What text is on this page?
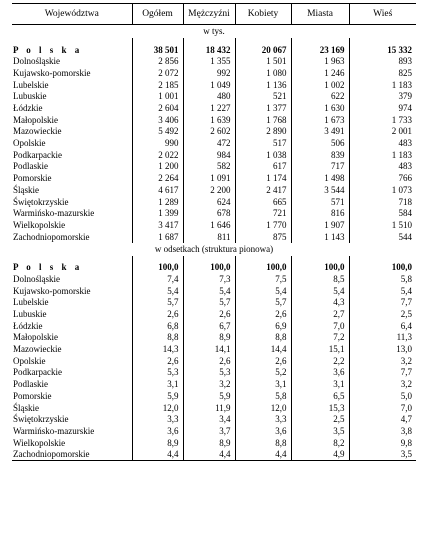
Województwa	Ogółem	Mężczyźni	Kobiety	Miasta	Wieś
w tys.					

P o l s k a	38 501	18 432	20 067	23 169	15 332
Dolnośląskie	2 856	1 355	1 501	1 963	893
Kujawsko-pomorskie	2 072	992	1 080	1 246	825
Lubelskie	2 185	1 049	1 136	1 002	1 183
Lubuskie	1 001	480	521	622	379
Łódzkie	2 604	1 227	1 377	1 630	974
Małopolskie	3 406	1 639	1 768	1 673	1 733
Mazowieckie	5 492	2 602	2 890	3 491	2 001
Opolskie	990	472	517	506	483
Podkarpackie	2 022	984	1 038	839	1 183
Podlaskie	1 200	582	617	717	483
Pomorskie	2 264	1 091	1 174	1 498	766
Śląskie	4 617	2 200	2 417	3 544	1 073
Świętokrzyskie	1 289	624	665	571	718
Warmińsko-mazurskie	1 399	678	721	816	584
Wielkopolskie	3 417	1 646	1 770	1 907	1 510
Zachodniopomorskie	1 687	811	875	1 143	544
w odsetkach (struktura pionowa)					

P o l s k a	100,0	100,0	100,0	100,0	100,0
Dolnośląskie	7,4	7,3	7,5	8,5	5,8
Kujawsko-pomorskie	5,4	5,4	5,4	5,4	5,4
Lubelskie	5,7	5,7	5,7	4,3	7,7
Lubuskie	2,6	2,6	2,6	2,7	2,5
Łódzkie	6,8	6,7	6,9	7,0	6,4
Małopolskie	8,8	8,9	8,8	7,2	11,3
Mazowieckie	14,3	14,1	14,4	15,1	13,0
Opolskie	2,6	2,6	2,6	2,2	3,2
Podkarpackie	5,3	5,3	5,2	3,6	7,7
Podlaskie	3,1	3,2	3,1	3,1	3,2
Pomorskie	5,9	5,9	5,8	6,5	5,0
Śląskie	12,0	11,9	12,0	15,3	7,0
Świętokrzyskie	3,3	3,4	3,3	2,5	4,7
Warmińsko-mazurskie	3,6	3,7	3,6	3,5	3,8
Wielkopolskie	8,9	8,9	8,8	8,2	9,8
Zachodniopomorskie	4,4	4,4	4,4	4,9	3,5
